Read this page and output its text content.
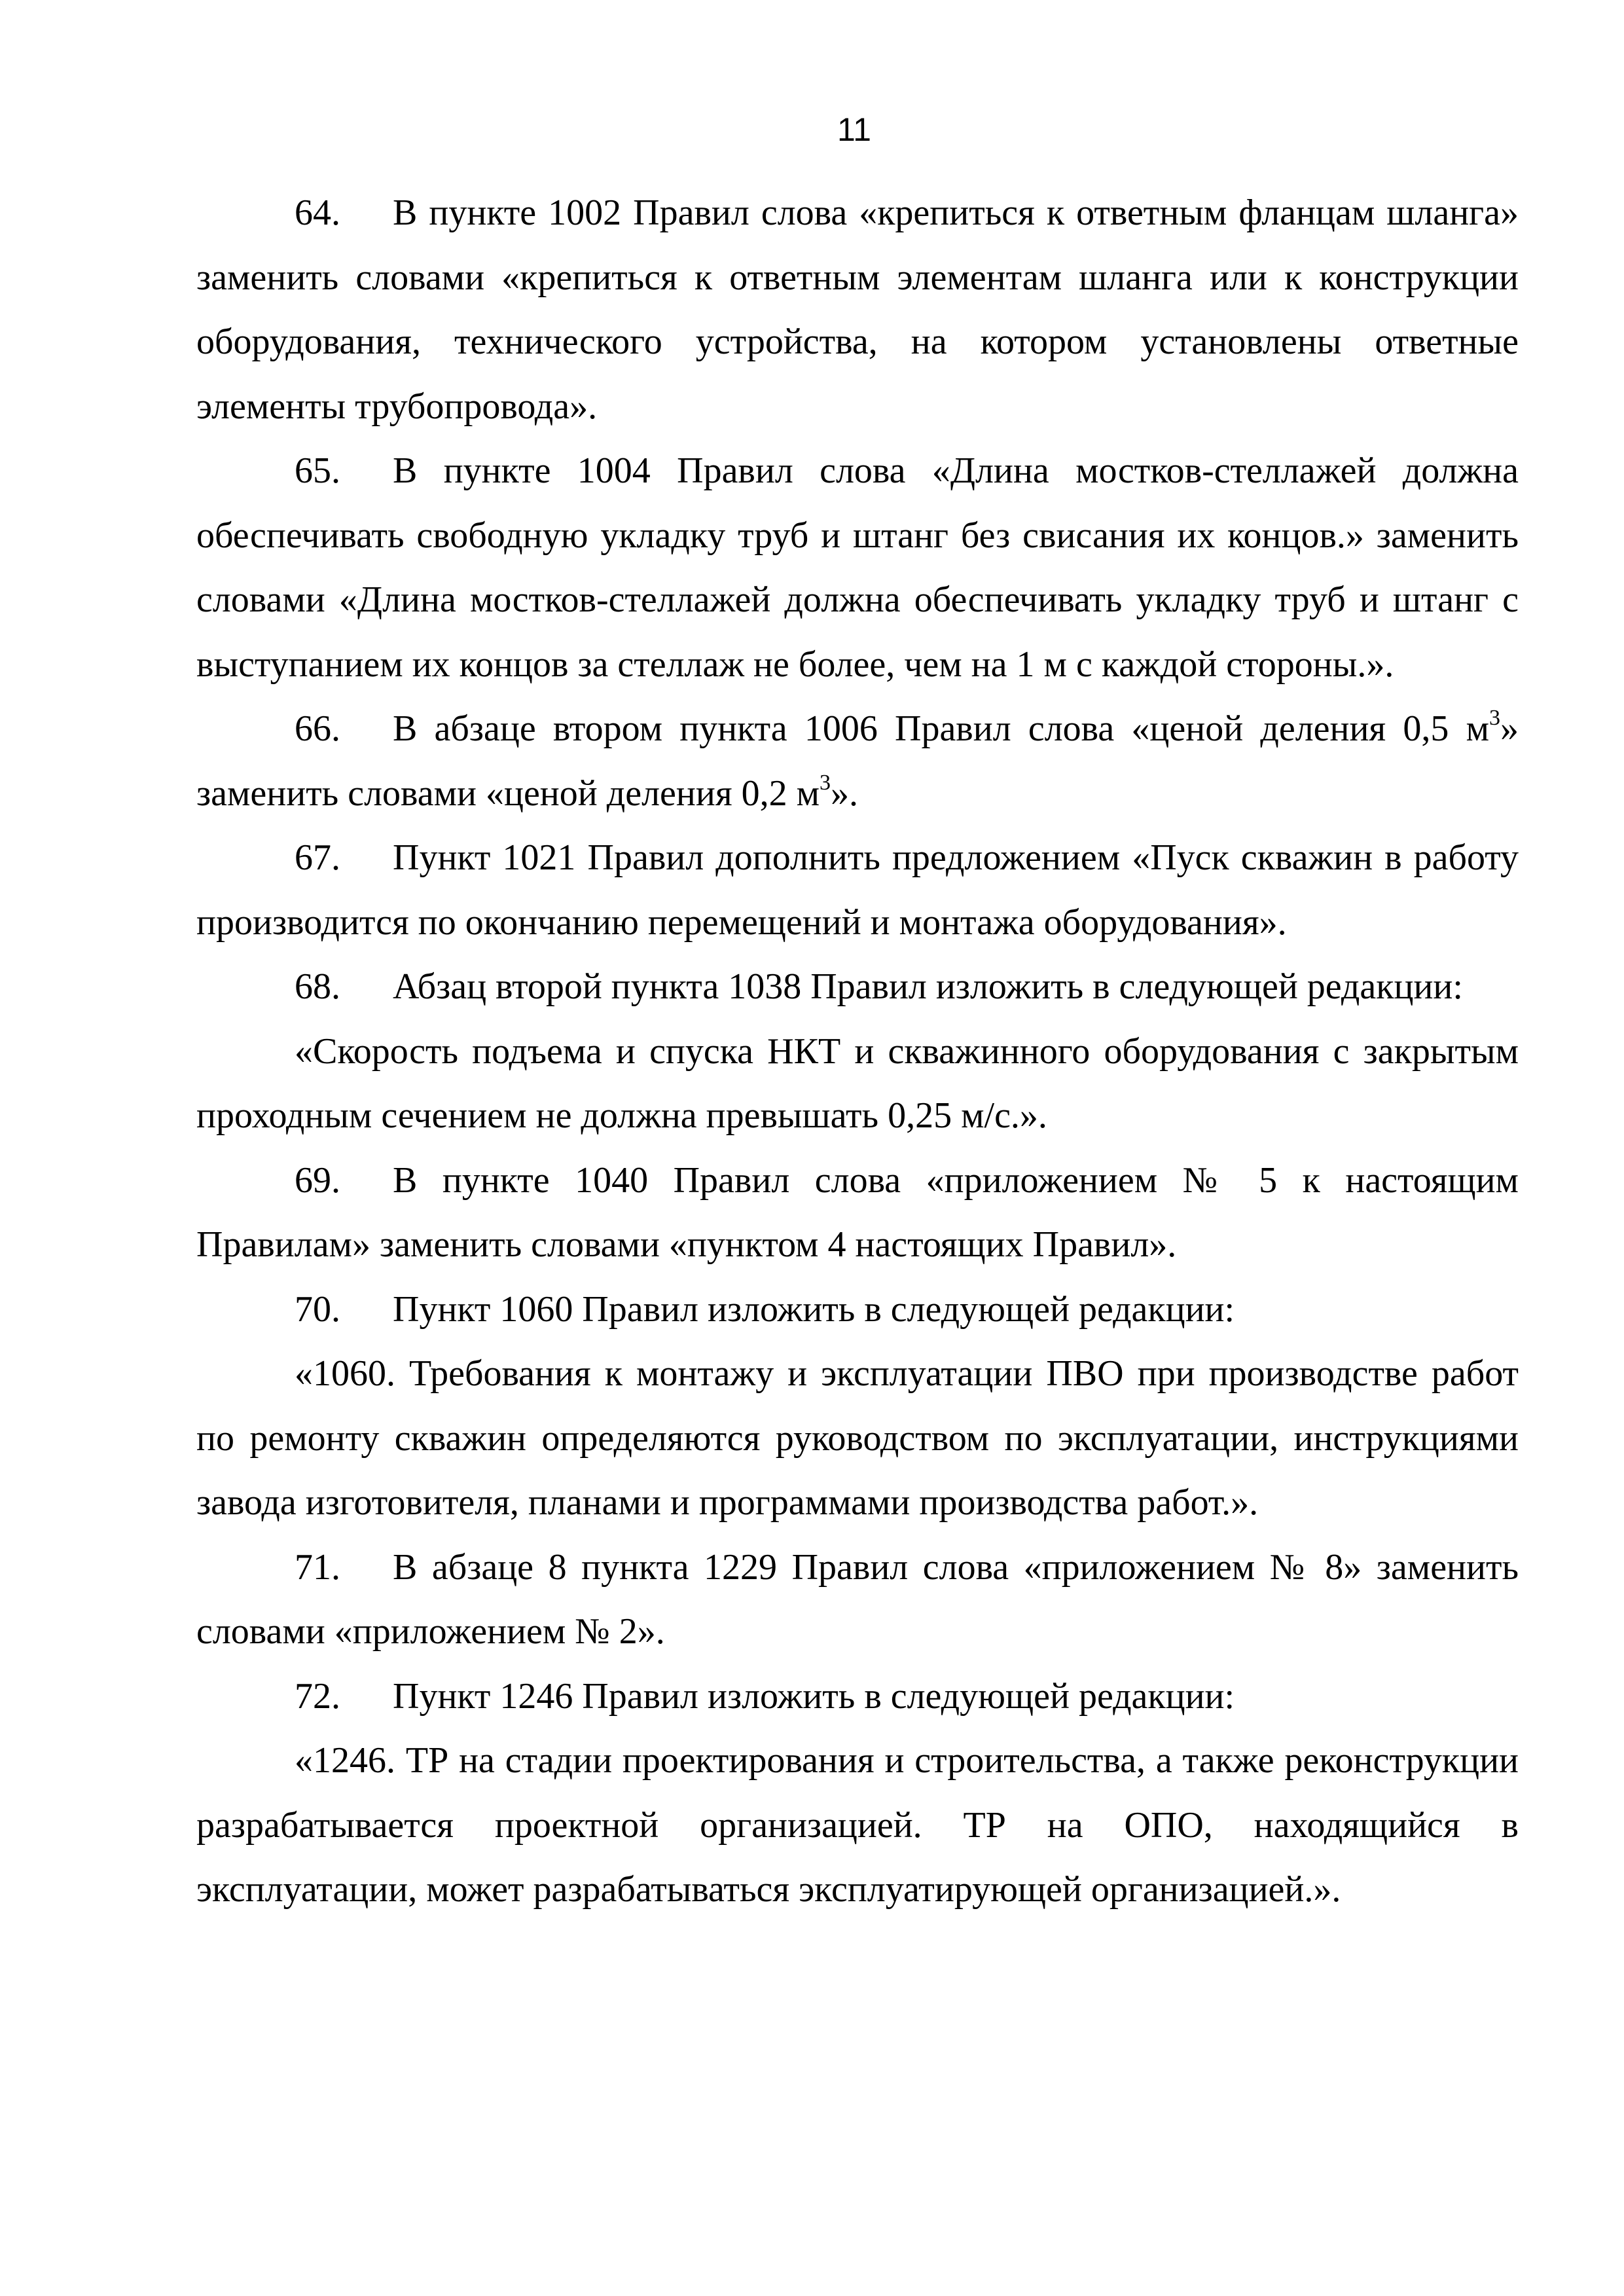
11

64. В пункте 1002 Правил слова «крепиться к ответным фланцам шланга» заменить словами «крепиться к ответным элементам шланга или к конструкции оборудования, технического устройства, на котором установлены ответные элементы трубопровода».

65. В пункте 1004 Правил слова «Длина мостков-стеллажей должна обеспечивать свободную укладку труб и штанг без свисания их концов.» заменить словами «Длина мостков-стеллажей должна обеспечивать укладку труб и штанг с выступанием их концов за стеллаж не более, чем на 1 м с каждой стороны.».

66. В абзаце втором пункта 1006 Правил слова «ценой деления 0,5 $м^3$» заменить словами «ценой деления 0,2 $м^3$».

67. Пункт 1021 Правил дополнить предложением «Пуск скважин в работу производится по окончанию перемещений и монтажа оборудования».

68. Абзац второй пункта 1038 Правил изложить в следующей редакции:

«Скорость подъема и спуска НКТ и скважинного оборудования с закрытым проходным сечением не должна превышать 0,25 м/с.».

69. В пункте 1040 Правил слова «приложением № 5 к настоящим Правилам» заменить словами «пунктом 4 настоящих Правил».

70. Пункт 1060 Правил изложить в следующей редакции:

«1060. Требования к монтажу и эксплуатации ПВО при производстве работ по ремонту скважин определяются руководством по эксплуатации, инструкциями завода изготовителя, планами и программами производства работ.».

71. В абзаце 8 пункта 1229 Правил слова «приложением № 8» заменить словами «приложением № 2».

72. Пункт 1246 Правил изложить в следующей редакции:

«1246. ТР на стадии проектирования и строительства, а также реконструкции разрабатывается проектной организацией. ТР на ОПО, находящийся в эксплуатации, может разрабатываться эксплуатирующей организацией.».
